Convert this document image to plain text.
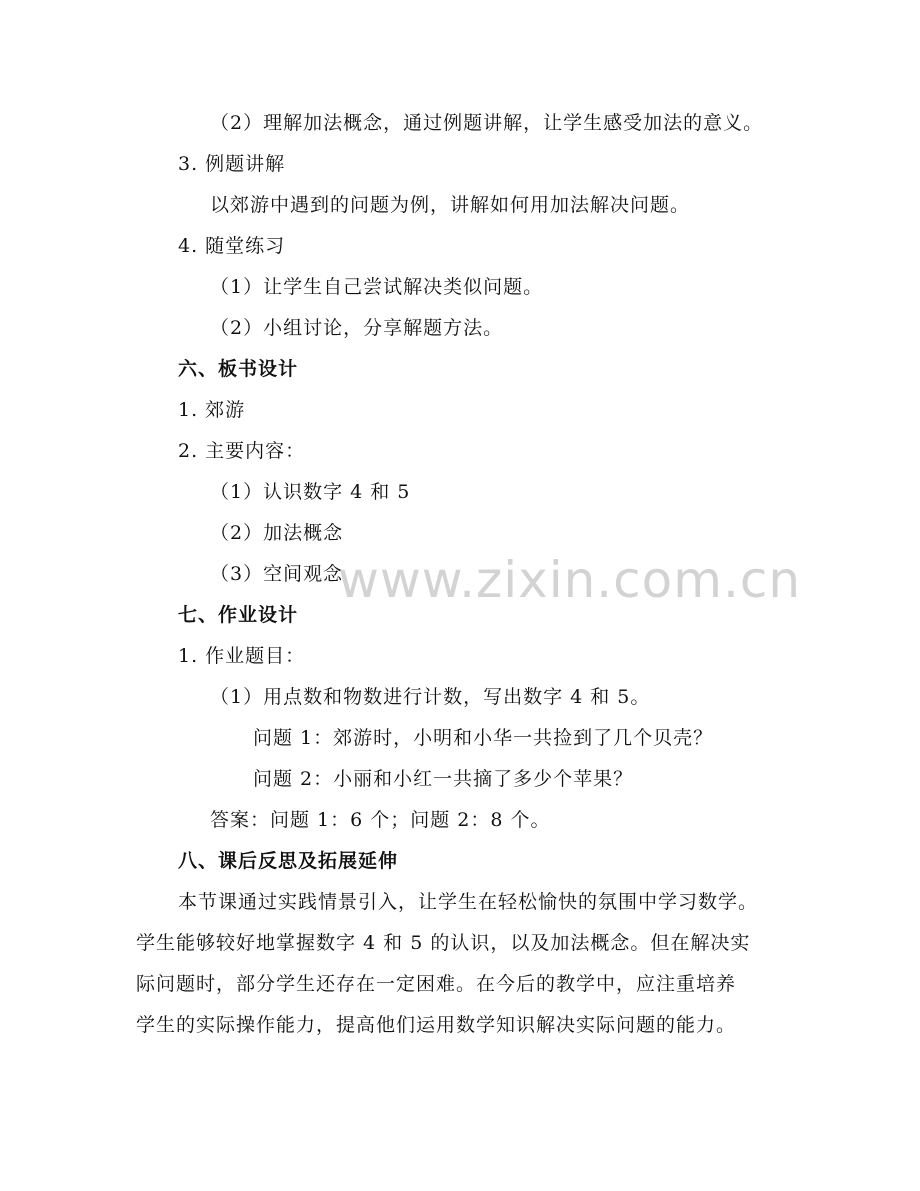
（2）理解加法概念，通过例题讲解，让学生感受加法的意义。
3. 例题讲解
以郊游中遇到的问题为例，讲解如何用加法解决问题。
4. 随堂练习
（1）让学生自己尝试解决类似问题。
（2）小组讨论，分享解题方法。
六、板书设计
1. 郊游
2. 主要内容：
（1）认识数字 4 和 5
（2）加法概念
（3）空间观念
七、作业设计
1. 作业题目：
（1）用点数和物数进行计数，写出数字 4 和 5。
问题 1：郊游时，小明和小华一共捡到了几个贝壳？
问题 2：小丽和小红一共摘了多少个苹果？
答案：问题 1：6 个；问题 2：8 个。
八、课后反思及拓展延伸
本节课通过实践情景引入，让学生在轻松愉快的氛围中学习数学。
学生能够较好地掌握数字 4 和 5 的认识，以及加法概念。但在解决实
际问题时，部分学生还存在一定困难。在今后的教学中，应注重培养
学生的实际操作能力，提高他们运用数学知识解决实际问题的能力。
www.zixin.com.cn
